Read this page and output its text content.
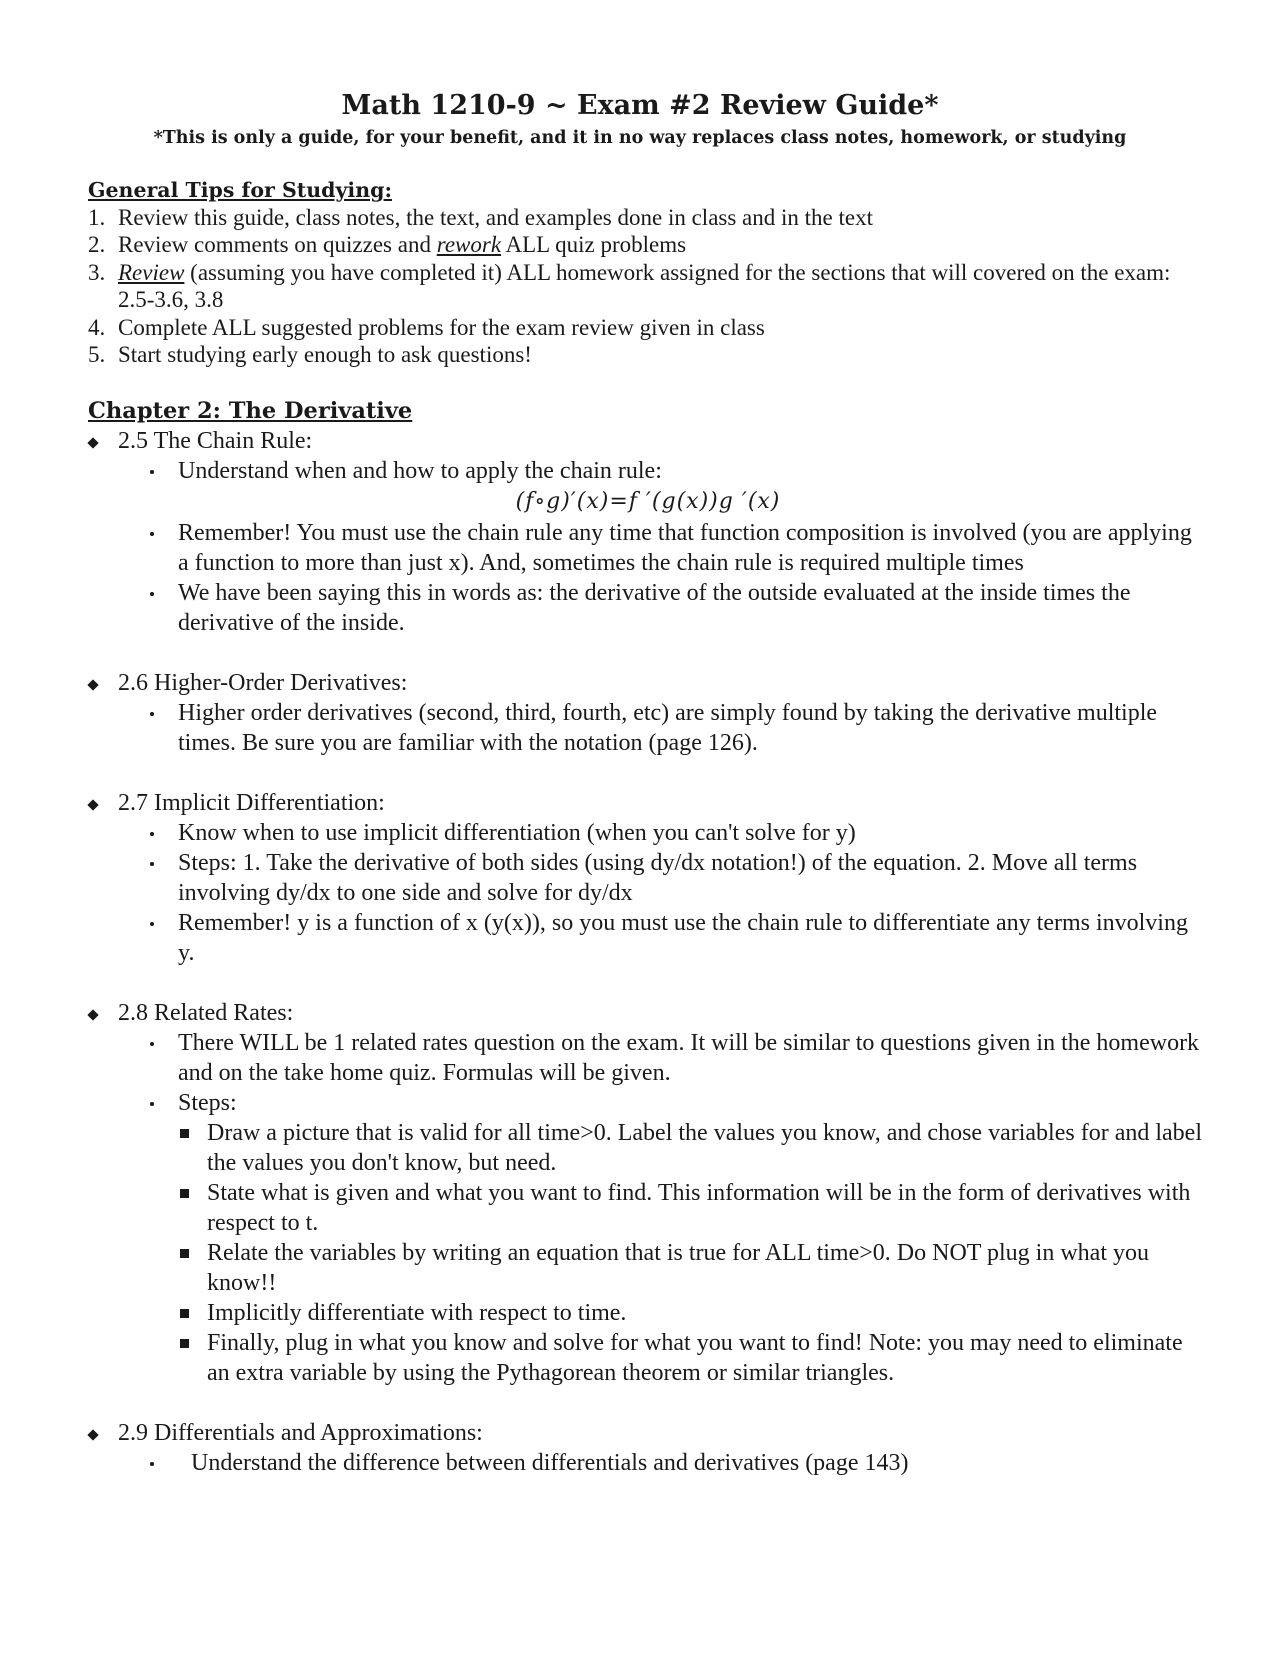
Math 1210-9 ~ Exam #2 Review Guide*
*This is only a guide, for your benefit, and it in no way replaces class notes, homework, or studying
General Tips for Studying:
1. Review this guide, class notes, the text, and examples done in class and in the text
2. Review comments on quizzes and rework ALL quiz problems
3. Review (assuming you have completed it) ALL homework assigned for the sections that will covered on the exam: 2.5-3.6, 3.8
4. Complete ALL suggested problems for the exam review given in class
5. Start studying early enough to ask questions!
Chapter 2: The Derivative
2.5 The Chain Rule:
Understand when and how to apply the chain rule:
(f∘g)′(x)=f ′(g(x))g ′(x)
Remember! You must use the chain rule any time that function composition is involved (you are applying a function to more than just x). And, sometimes the chain rule is required multiple times
We have been saying this in words as: the derivative of the outside evaluated at the inside times the derivative of the inside.
2.6 Higher-Order Derivatives:
Higher order derivatives (second, third, fourth, etc) are simply found by taking the derivative multiple times. Be sure you are familiar with the notation (page 126).
2.7 Implicit Differentiation:
Know when to use implicit differentiation (when you can't solve for y)
Steps: 1. Take the derivative of both sides (using dy/dx notation!) of the equation. 2. Move all terms involving dy/dx to one side and solve for dy/dx
Remember! y is a function of x (y(x)), so you must use the chain rule to differentiate any terms involving y.
2.8 Related Rates:
There WILL be 1 related rates question on the exam. It will be similar to questions given in the homework and on the take home quiz. Formulas will be given.
Steps:
Draw a picture that is valid for all time>0. Label the values you know, and chose variables for and label the values you don't know, but need.
State what is given and what you want to find. This information will be in the form of derivatives with respect to t.
Relate the variables by writing an equation that is true for ALL time>0. Do NOT plug in what you know!!
Implicitly differentiate with respect to time.
Finally, plug in what you know and solve for what you want to find! Note: you may need to eliminate an extra variable by using the Pythagorean theorem or similar triangles.
2.9 Differentials and Approximations:
Understand the difference between differentials and derivatives (page 143)
